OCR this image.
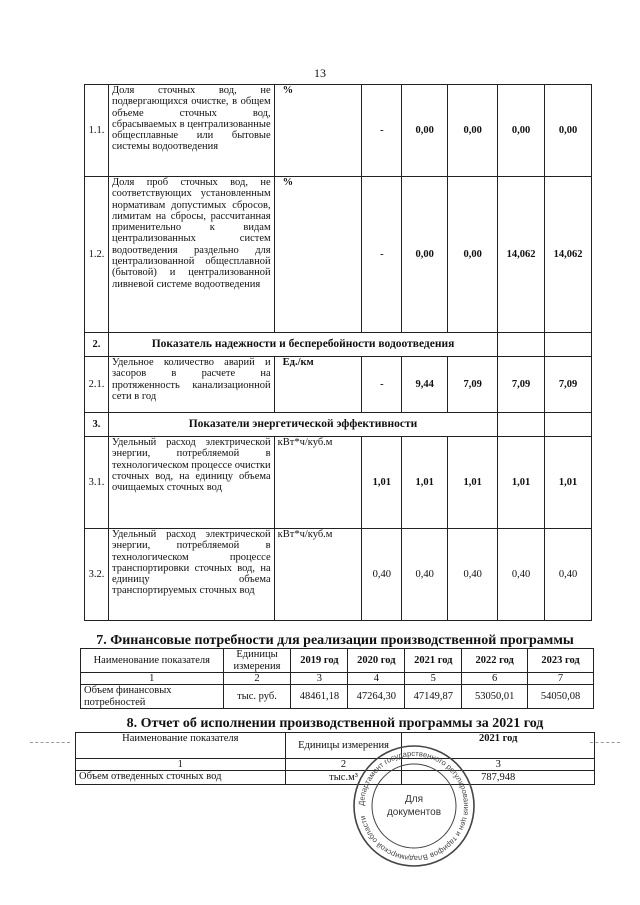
13
1.1.	Доля сточных вод, не подвергающихся очистке, в общем объеме сточных вод, сбрасываемых в централизованные общесплавные или бытовые системы водоотведения	%	-	0,00	0,00	0,00	0,00
1.2.	Доля проб сточных вод, не соответствующих установленным нормативам допустимых сбросов, лимитам на сбросы, рассчитанная применительно к видам централизованных систем водоотведения раздельно для централизованной общесплавной (бытовой) и централизованной ливневой системе водоотведения	%	-	0,00	0,00	14,062	14,062
2.	Показатель надежности и бесперебойности водоотведения						
2.1.	Удельное количество аварий и засоров в расчете на протяженность канализационной сети в год	Ед./км	-	9,44	7,09	7,09	7,09
3.	Показатели энергетической эффективности						
3.1.	Удельный расход электрической энергии, потребляемой в технологическом процессе очистки сточных вод, на единицу объема очищаемых сточных вод	кВт*ч/куб.м	1,01	1,01	1,01	1,01	1,01
3.2.	Удельный расход электрической энергии, потребляемой в технологическом процессе транспортировки сточных вод, на единицу объема транспортируемых сточных вод	кВт*ч/куб.м	0,40	0,40	0,40	0,40	0,40
7. Финансовые потребности для реализации производственной программы
Наименование показателя	Единицы измерения	2019 год	2020 год	2021 год	2022 год	2023 год
1	2	3	4	5	6	7
Объем финансовых потребностей	тыс. руб.	48461,18	47264,30	47149,87	53050,01	54050,08
8. Отчет об исполнении производственной программы за 2021 год
Наименование показателя	Единицы измерения	2021 год
1	2	3
Объем отведенных сточных вод	тыс.м³	787,948
Департамент государственного регулирования цен и тарифов Владимирской области
Для
документов
